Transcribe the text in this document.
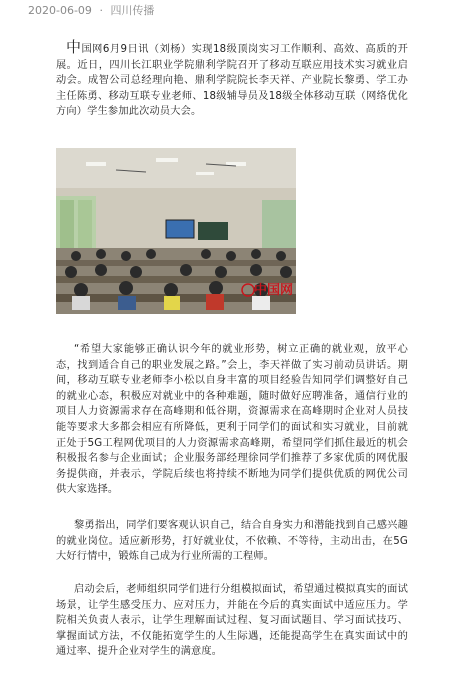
2020-06-09 · 四川传播

中国网6月9日讯（刘杨）实现18级顶岗实习工作顺利、高效、高质的开展。近日，四川长江职业学院鼎利学院召开了移动互联应用技术实习就业启动会。成智公司总经理向艳、鼎利学院院长李天祥、产业院长黎勇、学工办主任陈勇、移动互联专业老师、18级辅导员及18级全体移动互联（网络优化方向）学生参加此次动员大会。

中国网

“希望大家能够正确认识今年的就业形势，树立正确的就业观，放平心态，找到适合自己的职业发展之路。”会上，李天祥做了实习前动员讲话。期间，移动互联专业老师李小松以自身丰富的项目经验告知同学们调整好自己的就业心态，积极应对就业中的各种难题，随时做好应聘准备，通信行业的项目人力资源需求存在高峰期和低谷期，资源需求在高峰期时企业对人员技能等要求大多都会相应有所降低，更利于同学们的面试和实习就业，目前就正处于5G工程网优项目的人力资源需求高峰期，希望同学们抓住最近的机会积极报名参与企业面试；企业服务部经理徐同学们推荐了多家优质的网优服务提供商，并表示，学院后续也将持续不断地为同学们提供优质的网优公司供大家选择。

黎勇指出，同学们要客观认识自己，结合自身实力和潜能找到自己感兴趣的就业岗位。适应新形势，打好就业仗，不依赖、不等待，主动出击，在5G大好行情中，锻炼自己成为行业所需的工程师。

启动会后，老师组织同学们进行分组模拟面试，希望通过模拟真实的面试场景，让学生感受压力、应对压力，并能在今后的真实面试中适应压力。学院相关负责人表示，让学生理解面试过程、复习面试题目、学习面试技巧、掌握面试方法，不仅能拓宽学生的人生际遇，还能提高学生在真实面试中的通过率、提升企业对学生的满意度。
